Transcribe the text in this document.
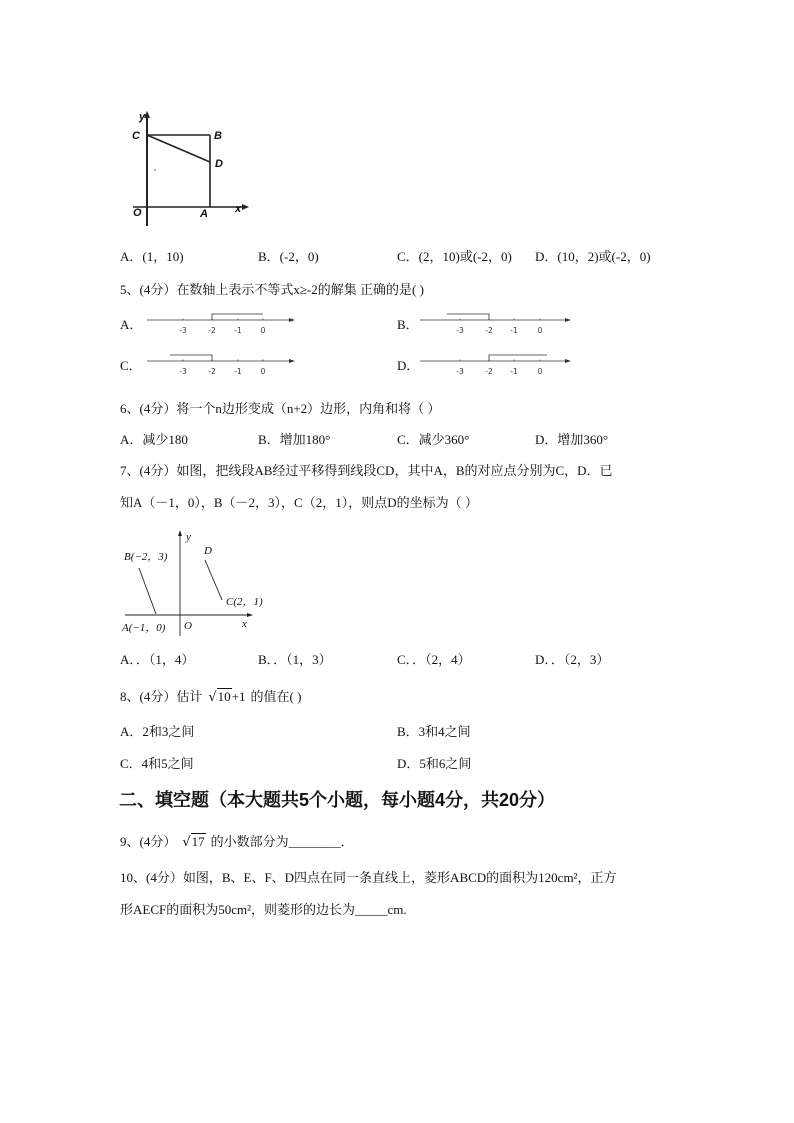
y
C	B
D
O	A x
A．(1，10)	B．(-2，0)	C．(2，10)或(-2，0) D．(10，2)或(-2，0)
5、(4分）在数轴上表示不等式x≥-2的解集 正确的是( )
A．	-3	-2 -1	0	B．	-3	-2 -1	0
C．	-3	-2 -1	0	D．	-3	-2 -1	0
6、(4分）将一个n边形变成（n+2）边形，内角和将（ ）
A．减少180	B．增加180°	C．减少360°	D．增加360°
7、(4分）如图，把线段AB经过平移得到线段CD，其中A，B的对应点分别为C，D．已
知A（－1，0），B（－2，3），C（2，1），则点D的坐标为（ ）
y
B(−2，3)	D
C(2，1)
A(−1，0) O	x
A．．（1，4）	B．．（1，3）	C．．（2，4）	D．．（2，3）
8、(4分）估计 √10+1 的值在( )
A．2和3之间	B．3和4之间
C．4和5之间	D．5和6之间
二、填空题（本大题共5个小题，每小题4分，共20分）
9、(4分） √17 的小数部分为________．
10、(4分）如图，B、E、F、D四点在同一条直线上，菱形ABCD的面积为120cm²，正方
形AECF的面积为50cm²，则菱形的边长为_____cm.
